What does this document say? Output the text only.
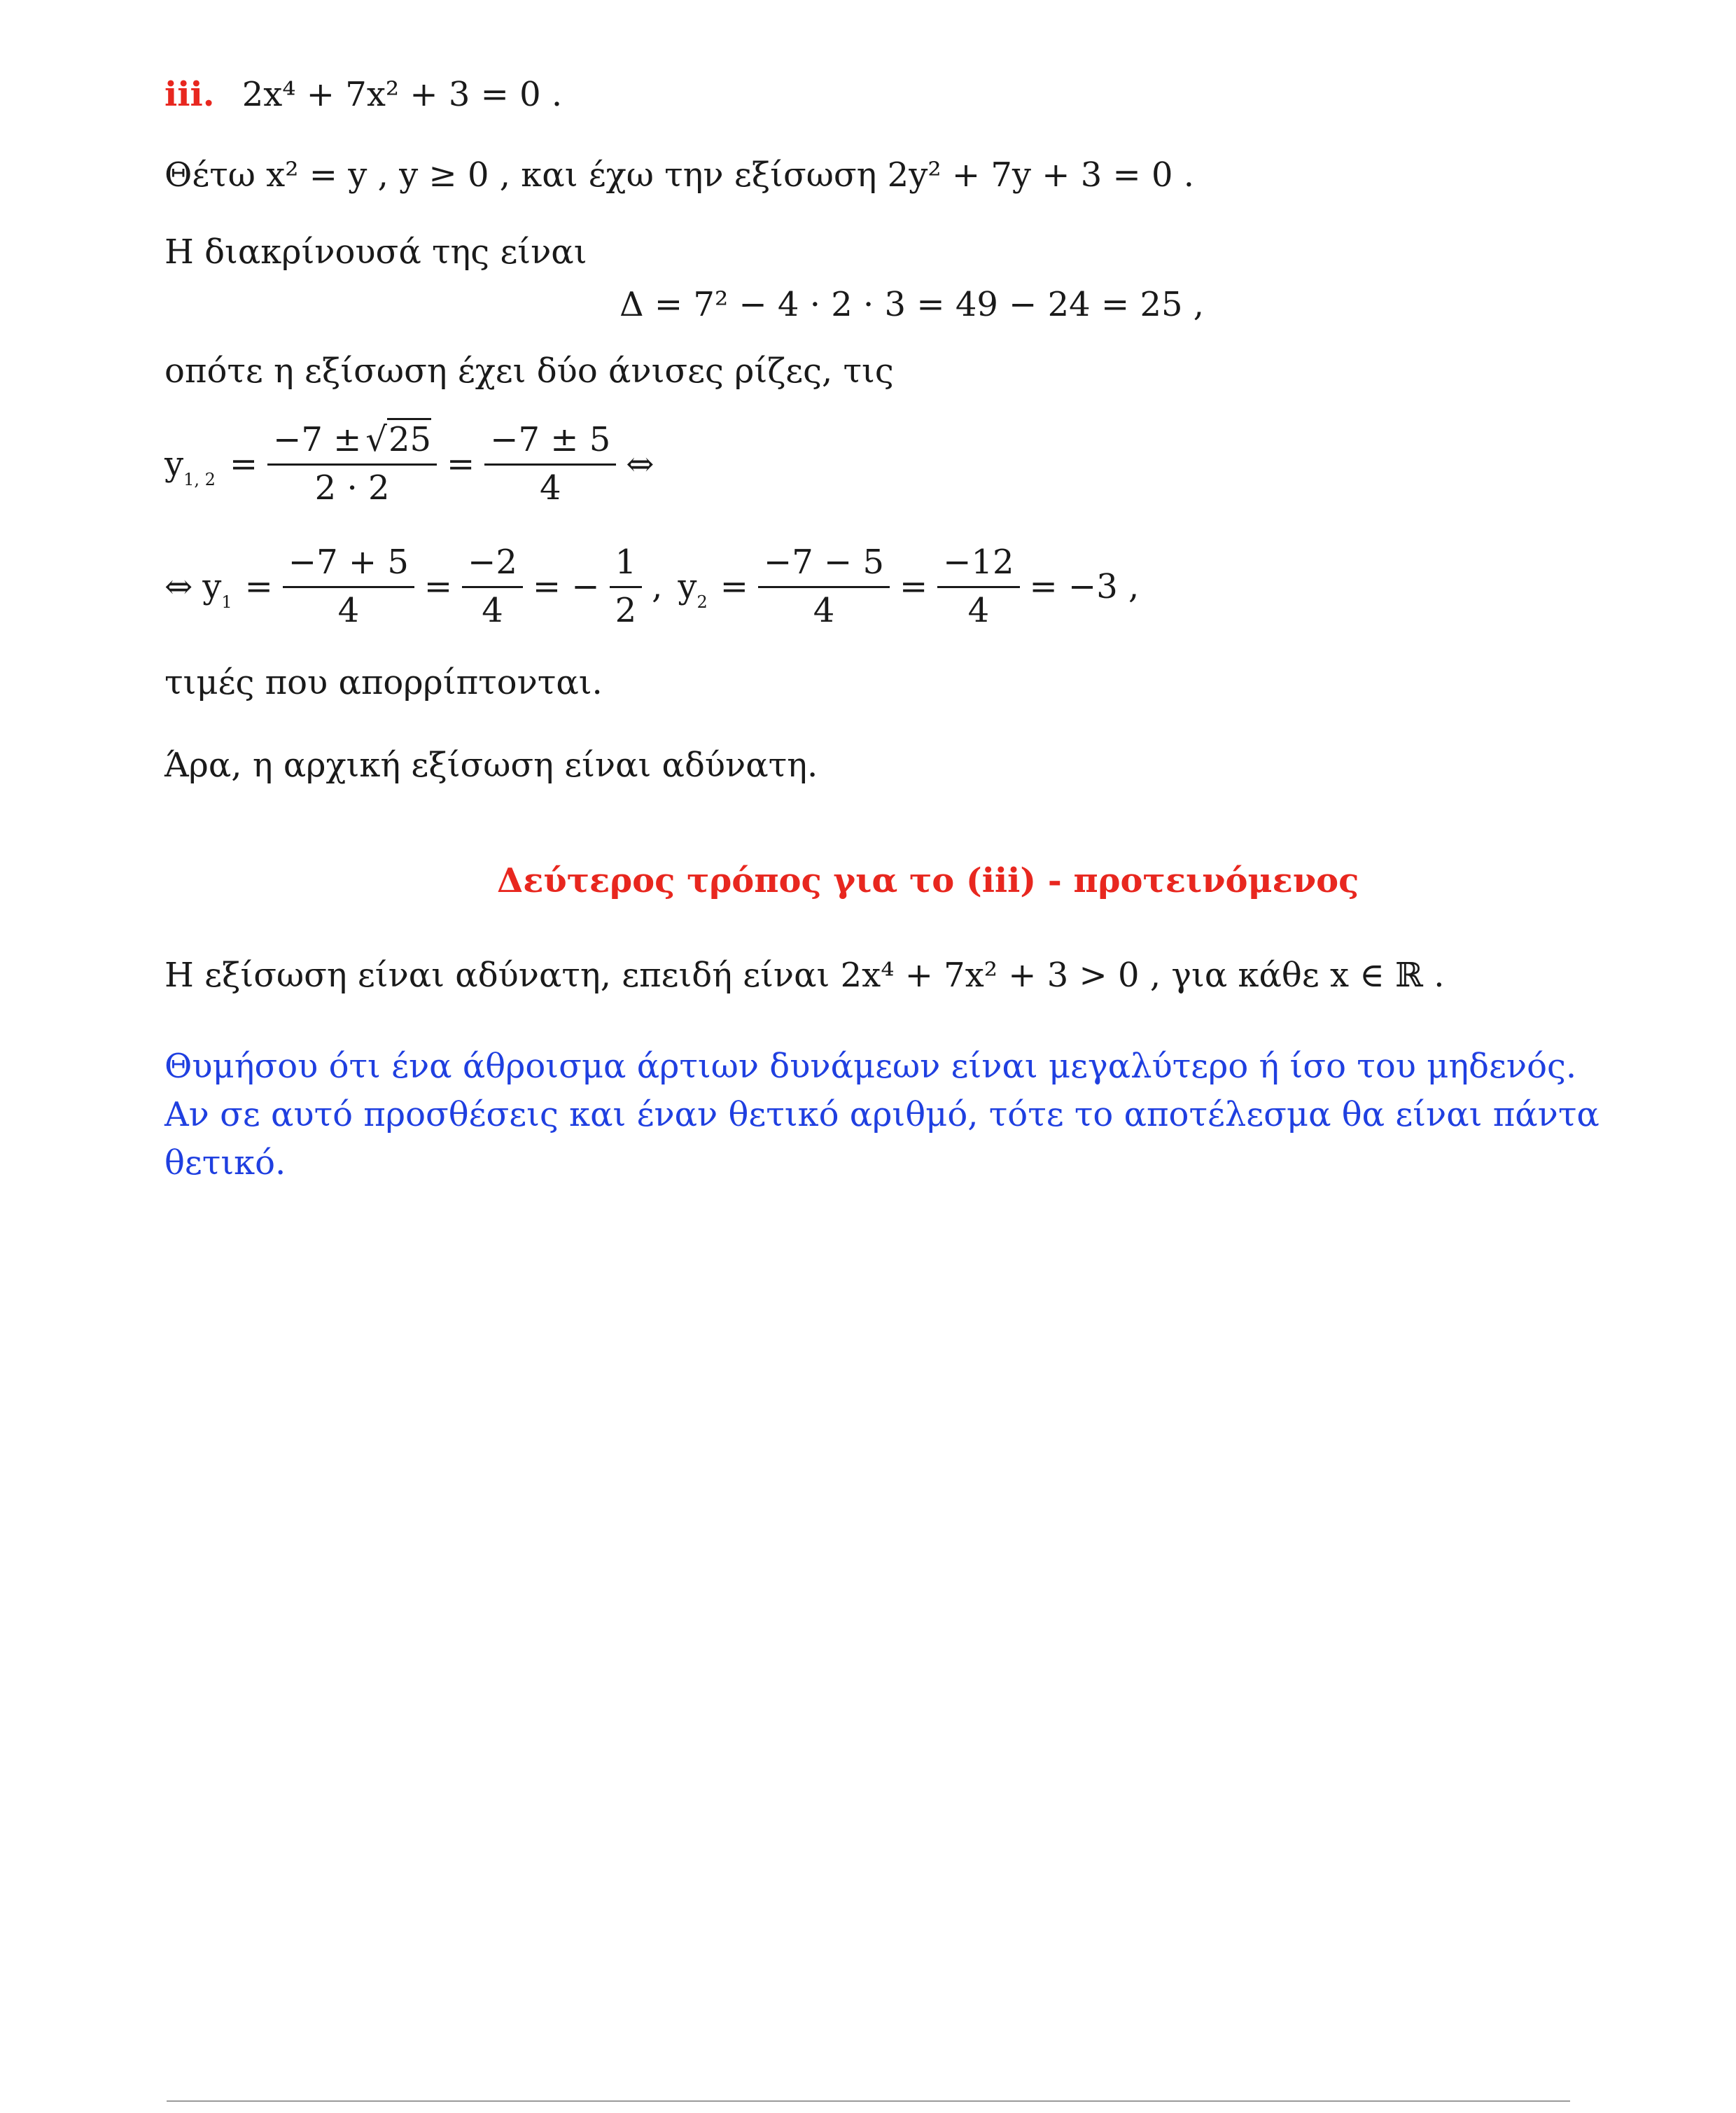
iii. 2x⁴ + 7x² + 3 = 0 .
Θέτω x² = y , y ≥ 0 , και έχω την εξίσωση 2y² + 7y + 3 = 0 .
Η διακρίνουσά της είναι
Δ = 7² − 4 · 2 · 3 = 49 − 24 = 25 ,
οπότε η εξίσωση έχει δύο άνισες ρίζες, τις
$y_{1, 2} = \frac{-7 \pm √25}{2 \cdot 2} = \frac{-7 \pm 5}{4}$ ⇔
⇔ $y_1 = \frac{-7 + 5}{4} = \frac{-2}{4}$ = − $\frac{1}{2}$ , $y_2 = \frac{-7 - 5}{4} = \frac{-12}{4} = -3$ ,
τιμές που απορρίπτονται.
Άρα, η αρχική εξίσωση είναι αδύνατη.
Δεύτερος τρόπος για το (iii) - προτεινόμενος
Η εξίσωση είναι αδύνατη, επειδή είναι 2x⁴ + 7x² + 3 > 0 , για κάθε x ∈ ℝ .
Θυμήσου ότι ένα άθροισμα άρτιων δυνάμεων είναι μεγαλύτερο ή ίσο του μηδενός.
Αν σε αυτό προσθέσεις και έναν θετικό αριθμό, τότε το αποτέλεσμα θα είναι πάντα
θετικό.
